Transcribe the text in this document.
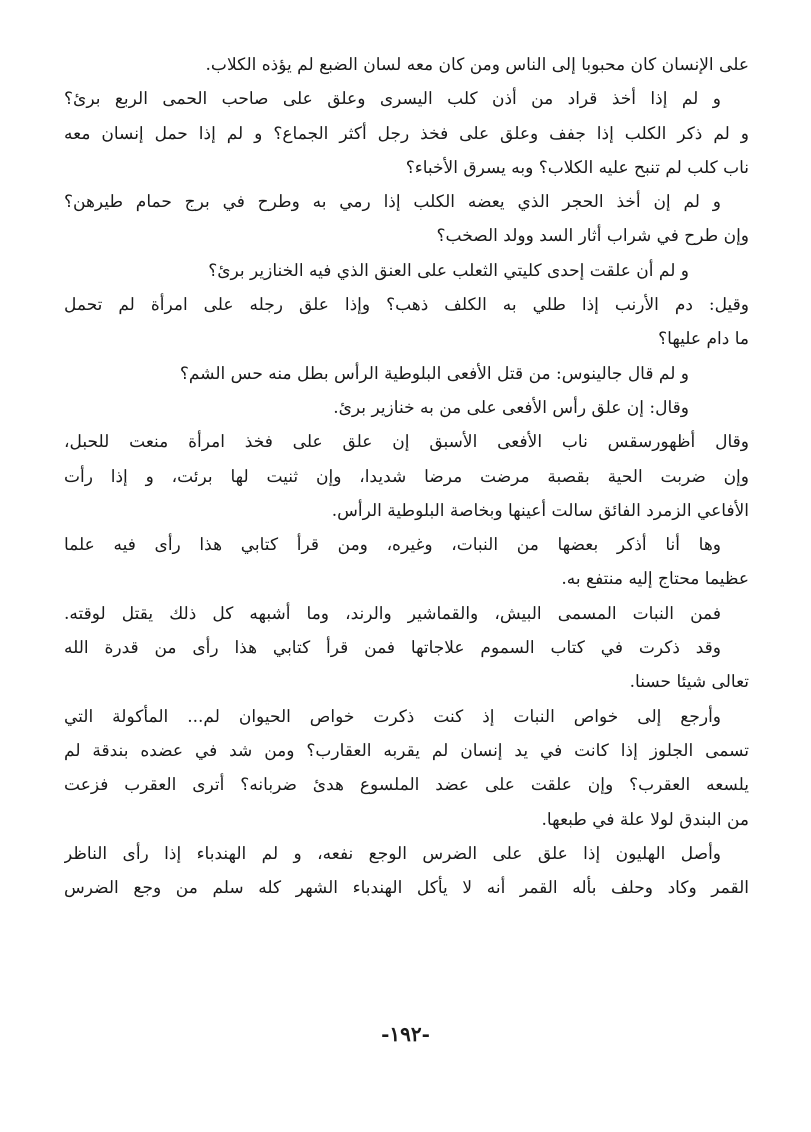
على الإنسان كان محبوبا إلى الناس ومن كان معه لسان الضبع لم يؤذه الكلاب.
و لم إذا أخذ قراد من أذن كلب اليسرى وعلق على صاحب الحمى الربع برئ؟
و لم ذكر الكلب إذا جفف وعلق على فخذ رجل أكثر الجماع؟ و لم إذا حمل إنسان معه
ناب كلب لم تنبح عليه الكلاب؟ وبه يسرق الأخباء؟
و لم إن أخذ الحجر الذي يعضه الكلب إذا رمي به وطرح في برج حمام طيرهن؟
وإن طرح في شراب أثار السد وولد الصخب؟
و لم أن علقت إحدى كليتي الثعلب على العنق الذي فيه الخنازير برئ؟
وقيل: دم الأرنب إذا طلي به الكلف ذهب؟ وإذا علق رجله على امرأة لم تحمل
ما دام عليها؟
و لم قال جالينوس: من قتل الأفعى البلوطية الرأس بطل منه حس الشم؟
وقال: إن علق رأس الأفعى على من به خنازير برئ.
وقال أظهورسقس ناب الأفعى الأسبق إن علق على فخذ امرأة منعت للحبل،
وإن ضربت الحية بقصبة مرضت مرضا شديدا، وإن ثنيت لها برئت، و إذا رأت
الأفاعي الزمرد الفائق سالت أعينها وبخاصة البلوطية الرأس.
وها أنا أذكر بعضها من النبات، وغيره، ومن قرأ كتابي هذا رأى فيه علما
عظيما محتاج إليه منتفع به.
فمن النبات المسمى البيش، والقماشير والرند، وما أشبهه كل ذلك يقتل لوقته.
وقد ذكرت في كتاب السموم علاجاتها فمن قرأ كتابي هذا رأى من قدرة الله
تعالى شيئا حسنا.
وأرجع إلى خواص النبات إذ كنت ذكرت خواص الحيوان لم... المأكولة التي
تسمى الجلوز إذا كانت في يد إنسان لم يقربه العقارب؟ ومن شد في عضده بندقة لم
يلسعه العقرب؟ وإن علقت على عضد الملسوع هدئ ضربانه؟ أترى العقرب فزعت
من البندق لولا علة في طبعها.
وأصل الهليون إذا علق على الضرس الوجع نفعه، و لم الهندباء إذا رأى الناظر
القمر وكاد وحلف بأله القمر أنه لا يأكل الهندباء الشهر كله سلم من وجع الضرس
-١٩٢-
